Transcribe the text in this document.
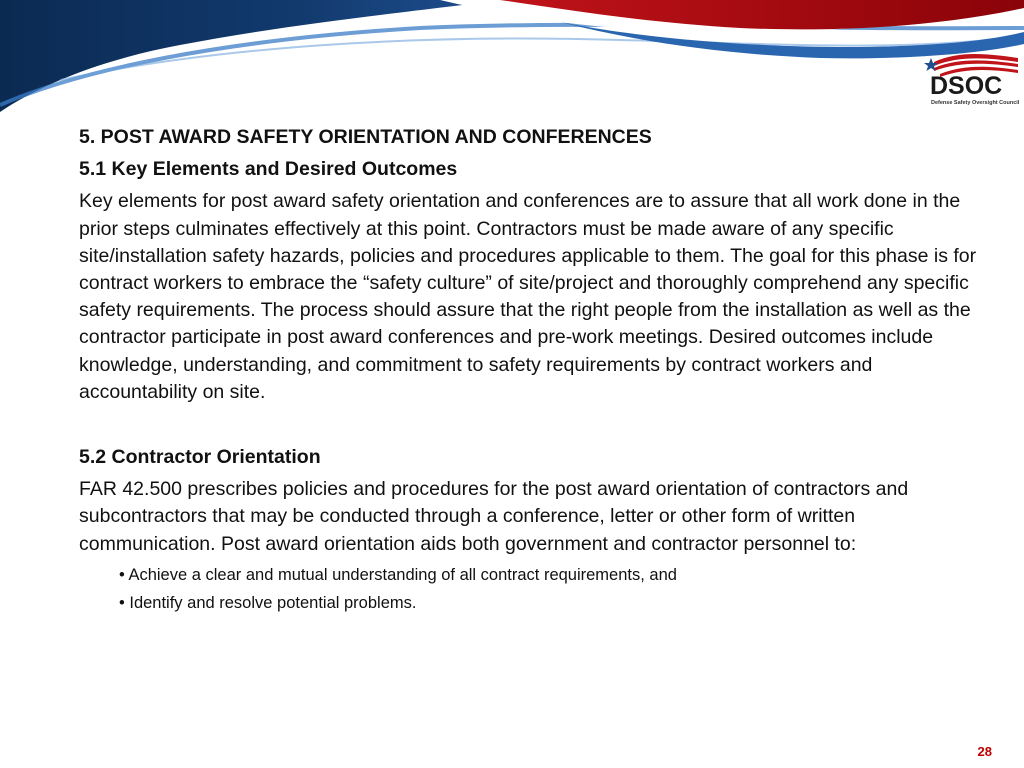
DSOC
Defense Safety Oversight Council
5. POST AWARD SAFETY ORIENTATION AND CONFERENCES
5.1 Key Elements and Desired Outcomes

Key elements for post award safety orientation and conferences are to assure that all work done in the prior steps culminates effectively at this point. Contractors must be made aware of any specific site/installation safety hazards, policies and procedures applicable to them. The goal for this phase is for contract workers to embrace the “safety culture” of site/project and thoroughly comprehend any specific safety requirements. The process should assure that the right people from the installation as well as the contractor participate in post award conferences and pre-work meetings. Desired outcomes include knowledge, understanding, and commitment to safety requirements by contract workers and accountability on site.

5.2 Contractor Orientation

FAR 42.500 prescribes policies and procedures for the post award orientation of contractors and subcontractors that may be conducted through a conference, letter or other form of written communication. Post award orientation aids both government and contractor personnel to:

• Achieve a clear and mutual understanding of all contract requirements, and
• Identify and resolve potential problems.
28
